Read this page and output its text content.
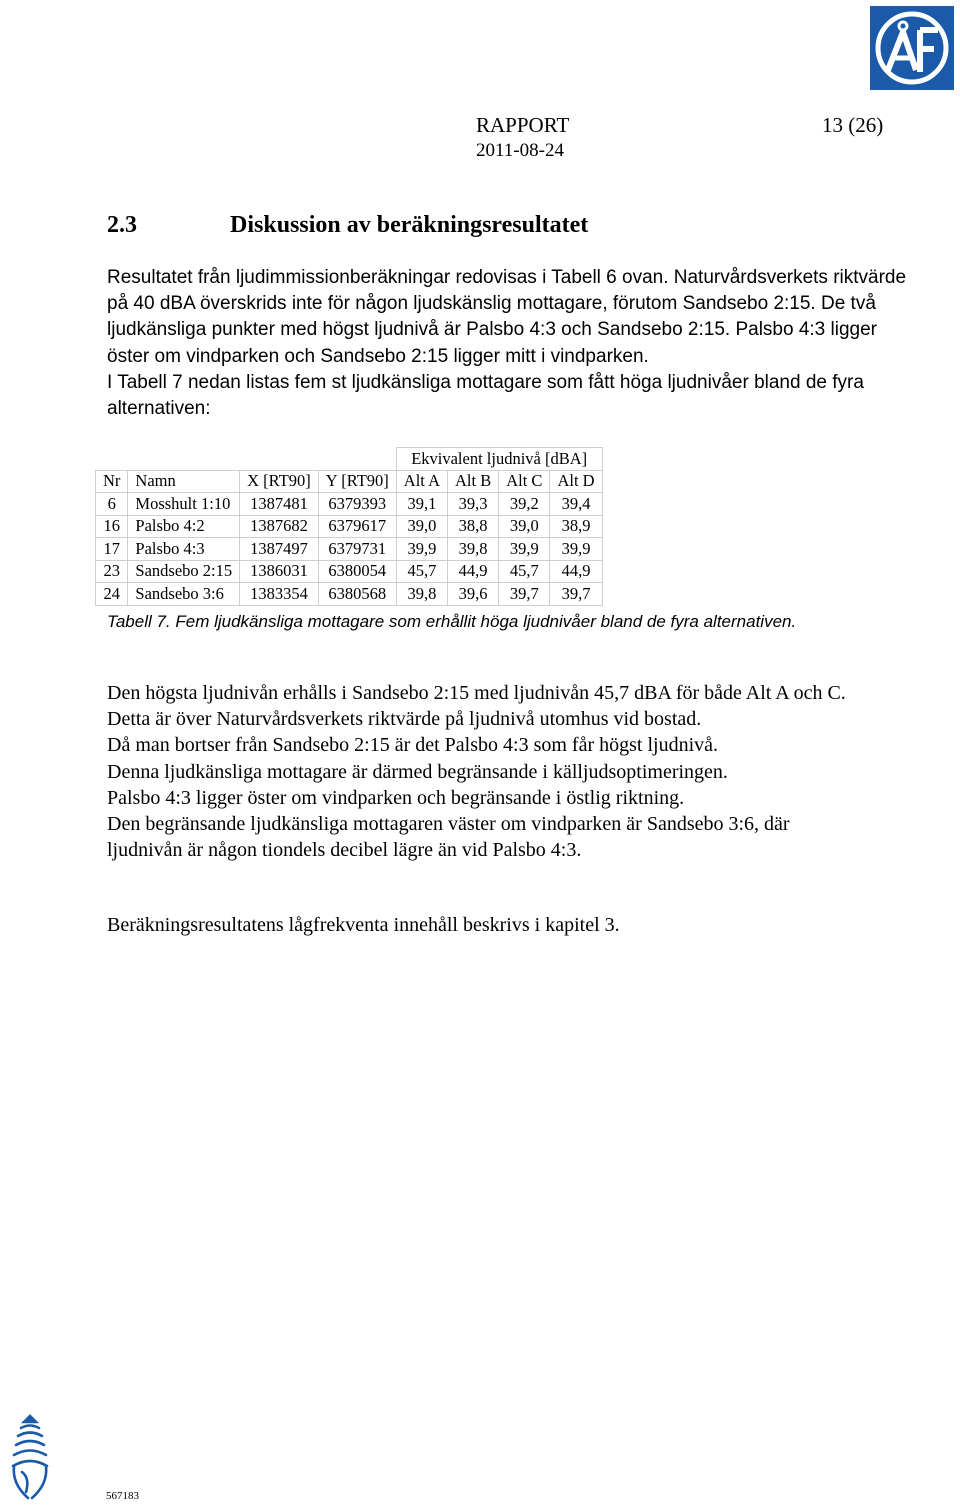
RAPPORT	13 (26)
2011-08-24
2.3	Diskussion av beräkningsresultatet

Resultatet från ljudimmissionberäkningar redovisas i Tabell 6 ovan. Naturvårdsverkets riktvärde på 40 dBA överskrids inte för någon ljudskänslig mottagare, förutom Sandsebo 2:15. De två ljudkänsliga punkter med högst ljudnivå är Palsbo 4:3 och Sandsebo 2:15. Palsbo 4:3 ligger öster om vindparken och Sandsebo 2:15 ligger mitt i vindparken.

I Tabell 7 nedan listas fem st ljudkänsliga mottagare som fått höga ljudnivåer bland de fyra alternativen:

				Ekvivalent ljudnivå [dBA]			
Nr	Namn	X [RT90]	Y [RT90]	Alt A	Alt B	Alt C	Alt D
6	Mosshult 1:10	1387481	6379393	39,1	39,3	39,2	39,4
16	Palsbo 4:2	1387682	6379617	39,0	38,8	39,0	38,9
17	Palsbo 4:3	1387497	6379731	39,9	39,8	39,9	39,9
23	Sandsebo 2:15	1386031	6380054	45,7	44,9	45,7	44,9
24	Sandsebo 3:6	1383354	6380568	39,8	39,6	39,7	39,7

Tabell 7. Fem ljudkänsliga mottagare som erhållit höga ljudnivåer bland de fyra alternativen.

Den högsta ljudnivån erhålls i Sandsebo 2:15 med ljudnivån 45,7 dBA för både Alt A och C. Detta är över Naturvårdsverkets riktvärde på ljudnivå utomhus vid bostad.

Då man bortser från Sandsebo 2:15 är det Palsbo 4:3 som får högst ljudnivå.

Denna ljudkänsliga mottagare är därmed begränsande i källjudsoptimeringen.

Palsbo 4:3 ligger öster om vindparken och begränsande i östlig riktning.

Den begränsande ljudkänsliga mottagaren väster om vindparken är Sandsebo 3:6, där ljudnivån är någon tiondels decibel lägre än vid Palsbo 4:3.

Beräkningsresultatens lågfrekventa innehåll beskrivs i kapitel 3.
567183
